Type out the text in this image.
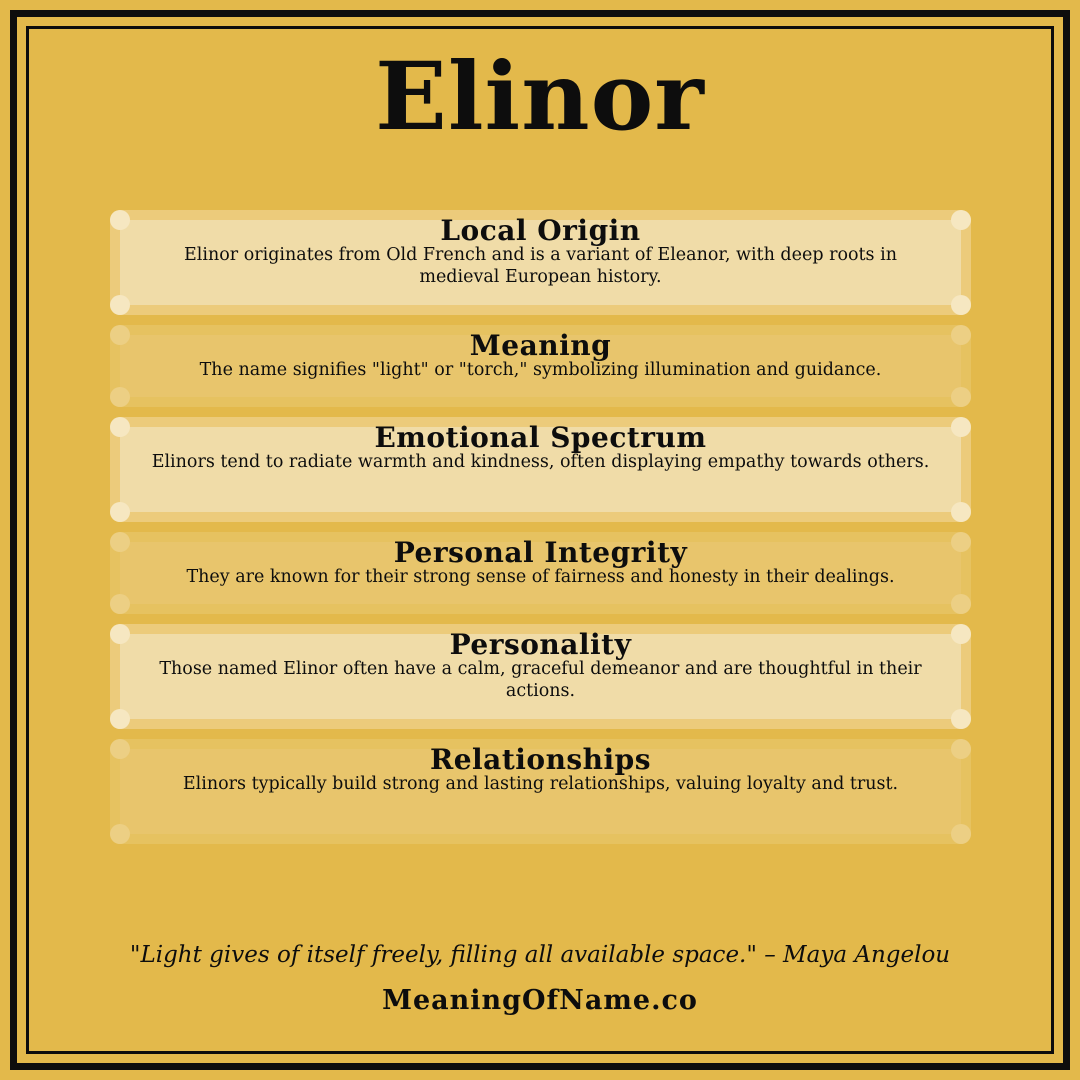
Elinor
Local Origin
Elinor originates from Old French and is a variant of Eleanor, with deep roots in medieval European history.
Meaning
The name signifies "light" or "torch," symbolizing illumination and guidance.
Emotional Spectrum
Elinors tend to radiate warmth and kindness, often displaying empathy towards others.
Personal Integrity
They are known for their strong sense of fairness and honesty in their dealings.
Personality
Those named Elinor often have a calm, graceful demeanor and are thoughtful in their actions.
Relationships
Elinors typically build strong and lasting relationships, valuing loyalty and trust.
"Light gives of itself freely, filling all available space." – Maya Angelou
MeaningOfName.co
